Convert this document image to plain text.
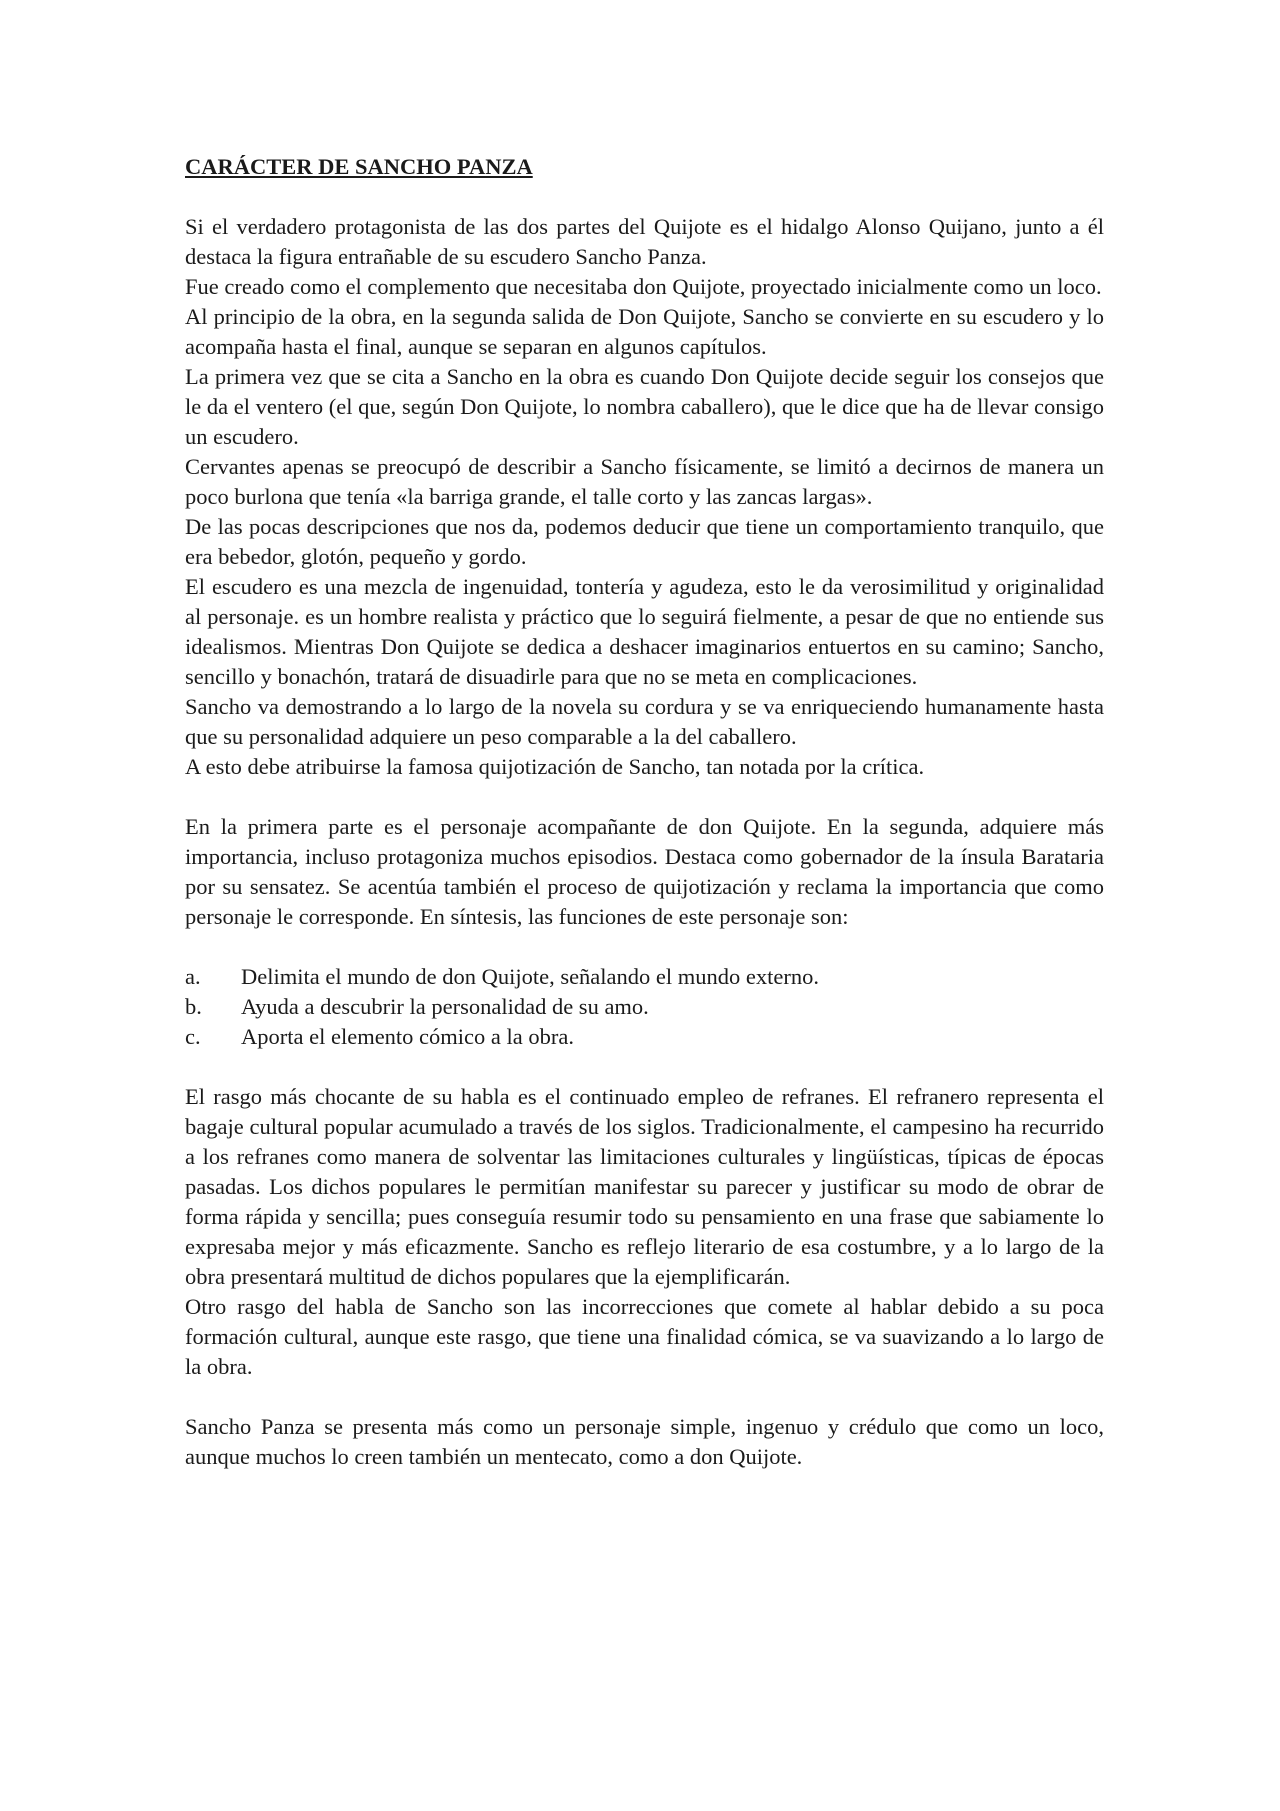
CARÁCTER DE SANCHO PANZA

Si el verdadero protagonista de las dos partes del Quijote es el hidalgo Alonso Quijano, junto a él destaca la figura entrañable de su escudero Sancho Panza.

Fue creado como el complemento que necesitaba don Quijote, proyectado inicialmente como un loco.

Al principio de la obra, en la segunda salida de Don Quijote, Sancho se convierte en su escudero y lo acompaña hasta el final, aunque se separan en algunos capítulos.

La primera vez que se cita a Sancho en la obra es cuando Don Quijote decide seguir los consejos que le da el ventero (el que, según Don Quijote, lo nombra caballero), que le dice que ha de llevar consigo un escudero.

Cervantes apenas se preocupó de describir a Sancho físicamente, se limitó a decirnos de manera un poco burlona que tenía «la barriga grande, el talle corto y las zancas largas».

De las pocas descripciones que nos da, podemos deducir que tiene un comportamiento tranquilo, que era bebedor, glotón, pequeño y gordo.

El escudero es una mezcla de ingenuidad, tontería y agudeza, esto le da verosimilitud y originalidad al personaje. es un hombre realista y práctico que lo seguirá fielmente, a pesar de que no entiende sus idealismos. Mientras Don Quijote se dedica a deshacer imaginarios entuertos en su camino; Sancho, sencillo y bonachón, tratará de disuadirle para que no se meta en complicaciones.

Sancho va demostrando a lo largo de la novela su cordura y se va enriqueciendo humanamente hasta que su personalidad adquiere un peso comparable a la del caballero.

A esto debe atribuirse la famosa quijotización de Sancho, tan notada por la crítica.

En la primera parte es el personaje acompañante de don Quijote. En la segunda, adquiere más importancia, incluso protagoniza muchos episodios. Destaca como gobernador de la ínsula Barataria por su sensatez. Se acentúa también el proceso de quijotización y reclama la importancia que como personaje le corresponde. En síntesis, las funciones de este personaje son:

a.	Delimita el mundo de don Quijote, señalando el mundo externo.
b.	Ayuda a descubrir la personalidad de su amo.
c.	Aporta el elemento cómico a la obra.

El rasgo más chocante de su habla es el continuado empleo de refranes. El refranero representa el bagaje cultural popular acumulado a través de los siglos. Tradicionalmente, el campesino ha recurrido a los refranes como manera de solventar las limitaciones culturales y lingüísticas, típicas de épocas pasadas. Los dichos populares le permitían manifestar su parecer y justificar su modo de obrar de forma rápida y sencilla; pues conseguía resumir todo su pensamiento en una frase que sabiamente lo expresaba mejor y más eficazmente. Sancho es reflejo literario de esa costumbre, y a lo largo de la obra presentará multitud de dichos populares que la ejemplificarán.

Otro rasgo del habla de Sancho son las incorrecciones que comete al hablar debido a su poca formación cultural, aunque este rasgo, que tiene una finalidad cómica, se va suavizando a lo largo de la obra.

Sancho Panza se presenta más como un personaje simple, ingenuo y crédulo que como un loco, aunque muchos lo creen también un mentecato, como a don Quijote.
